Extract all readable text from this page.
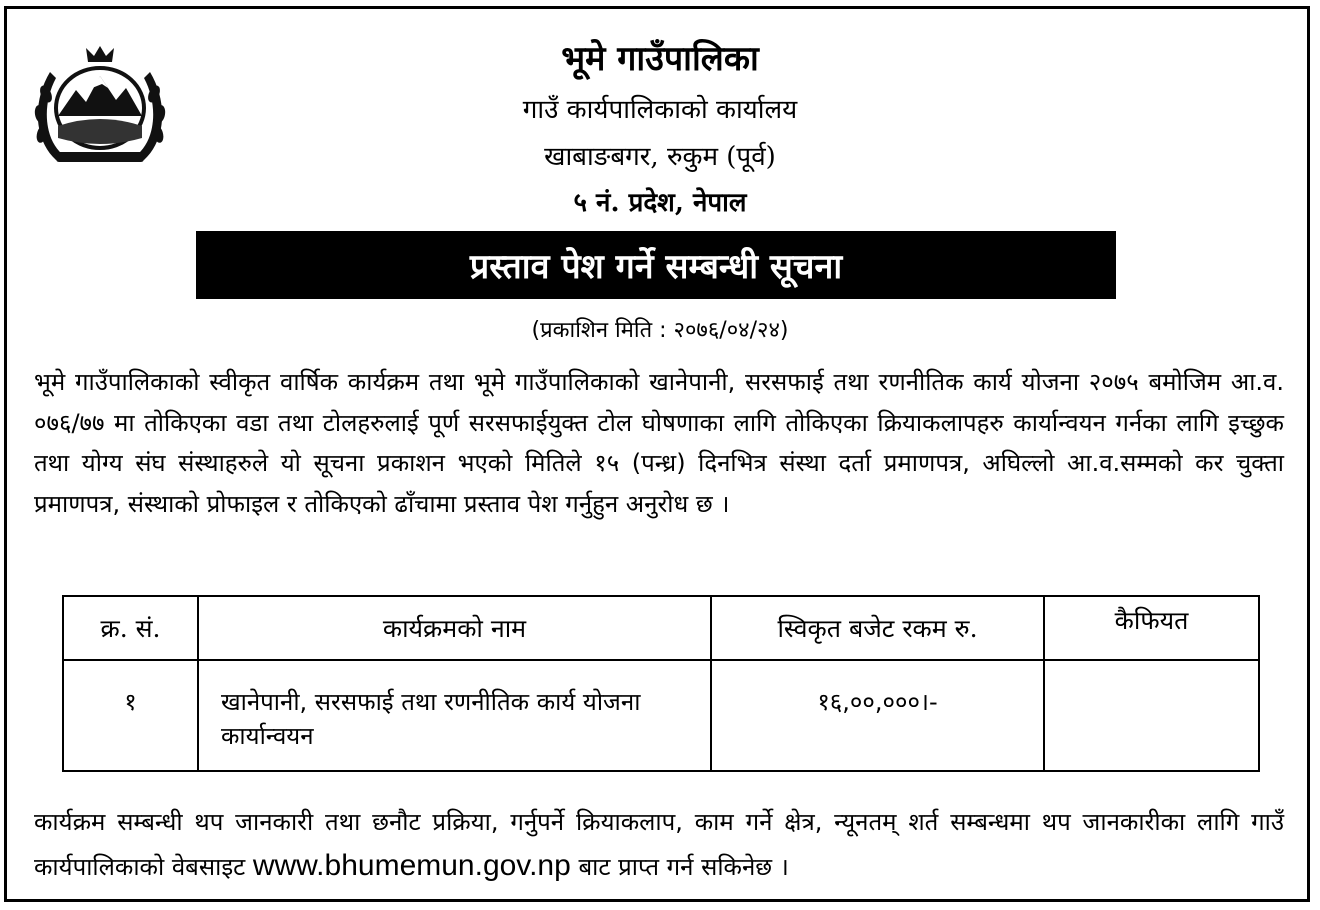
भूमे गाउँपालिका
गाउँ कार्यपालिकाको कार्यालय
खाबाङबगर, रुकुम (पूर्व)
५ नं. प्रदेश, नेपाल
प्रस्ताव पेश गर्ने सम्बन्धी सूचना
(प्रकाशिन मिति : २०७६/०४/२४)
भूमे गाउँपालिकाको स्वीकृत वार्षिक कार्यक्रम तथा भूमे गाउँपालिकाको खानेपानी, सरसफाई तथा रणनीतिक कार्य योजना २०७५ बमोजिम आ.व. ०७६/७७ मा तोकिएका वडा तथा टोलहरुलाई पूर्ण सरसफाईयुक्त टोल घोषणाका लागि तोकिएका क्रियाकलापहरु कार्यान्वयन गर्नका लागि इच्छुक तथा योग्य संघ संस्थाहरुले यो सूचना प्रकाशन भएको मितिले १५ (पन्ध्र) दिनभित्र संस्था दर्ता प्रमाणपत्र, अघिल्लो आ.व.सम्मको कर चुक्ता प्रमाणपत्र, संस्थाको प्रोफाइल र तोकिएको ढाँचामा प्रस्ताव पेश गर्नुहुन अनुरोध छ ।
क्र. सं.	कार्यक्रमको नाम	स्विकृत बजेट रकम रु.	कैफियत
१	खानेपानी, सरसफाई तथा रणनीतिक कार्य योजना कार्यान्वयन	१६,००,०००।-	
कार्यक्रम सम्बन्धी थप जानकारी तथा छनौट प्रक्रिया, गर्नुपर्ने क्रियाकलाप, काम गर्ने क्षेत्र, न्यूनतम् शर्त सम्बन्धमा थप जानकारीका लागि गाउँ कार्यपालिकाको वेबसाइट www.bhumemun.gov.np बाट प्राप्त गर्न सकिनेछ ।
